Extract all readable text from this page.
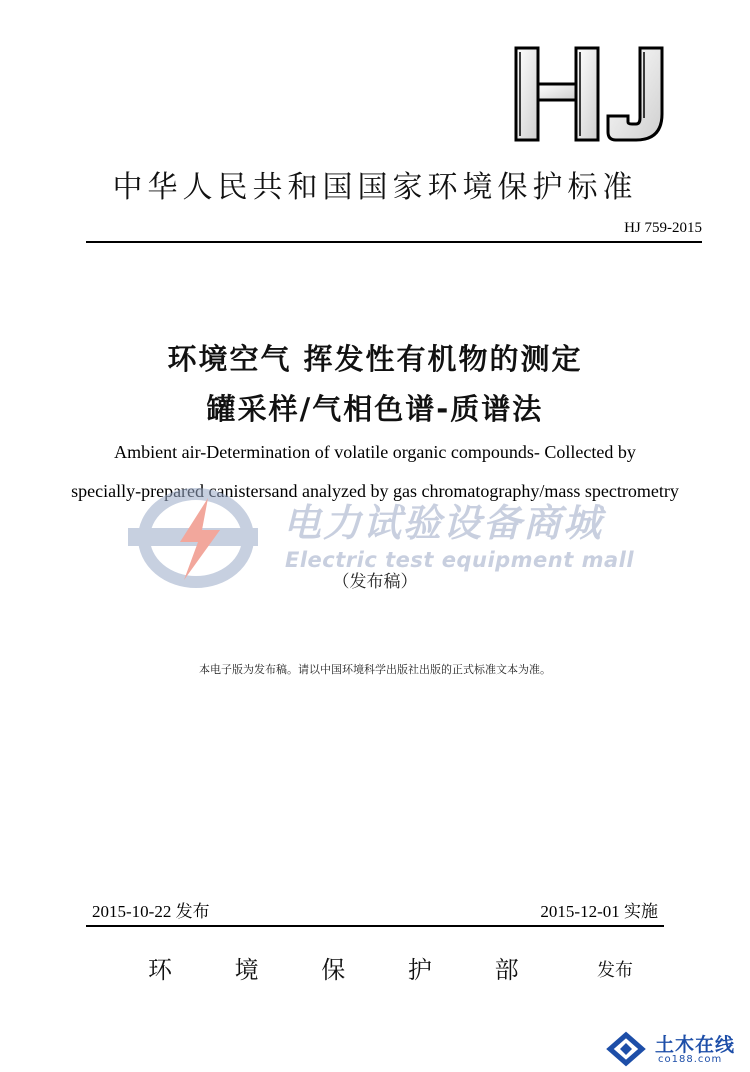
中华人民共和国国家环境保护标准
HJ 759-2015
环境空气 挥发性有机物的测定
罐采样/气相色谱-质谱法
Ambient air-Determination of volatile organic compounds- Collected by
specially-prepared canistersand analyzed by gas chromatography/mass spectrometry
电力试验设备商城
Electric test equipment mall
（发布稿）
本电子版为发布稿。请以中国环境科学出版社出版的正式标准文本为准。
2015-10-22 发布	2015-12-01 实施
环	境	保	护	部	发布
土木在线
co188.com
